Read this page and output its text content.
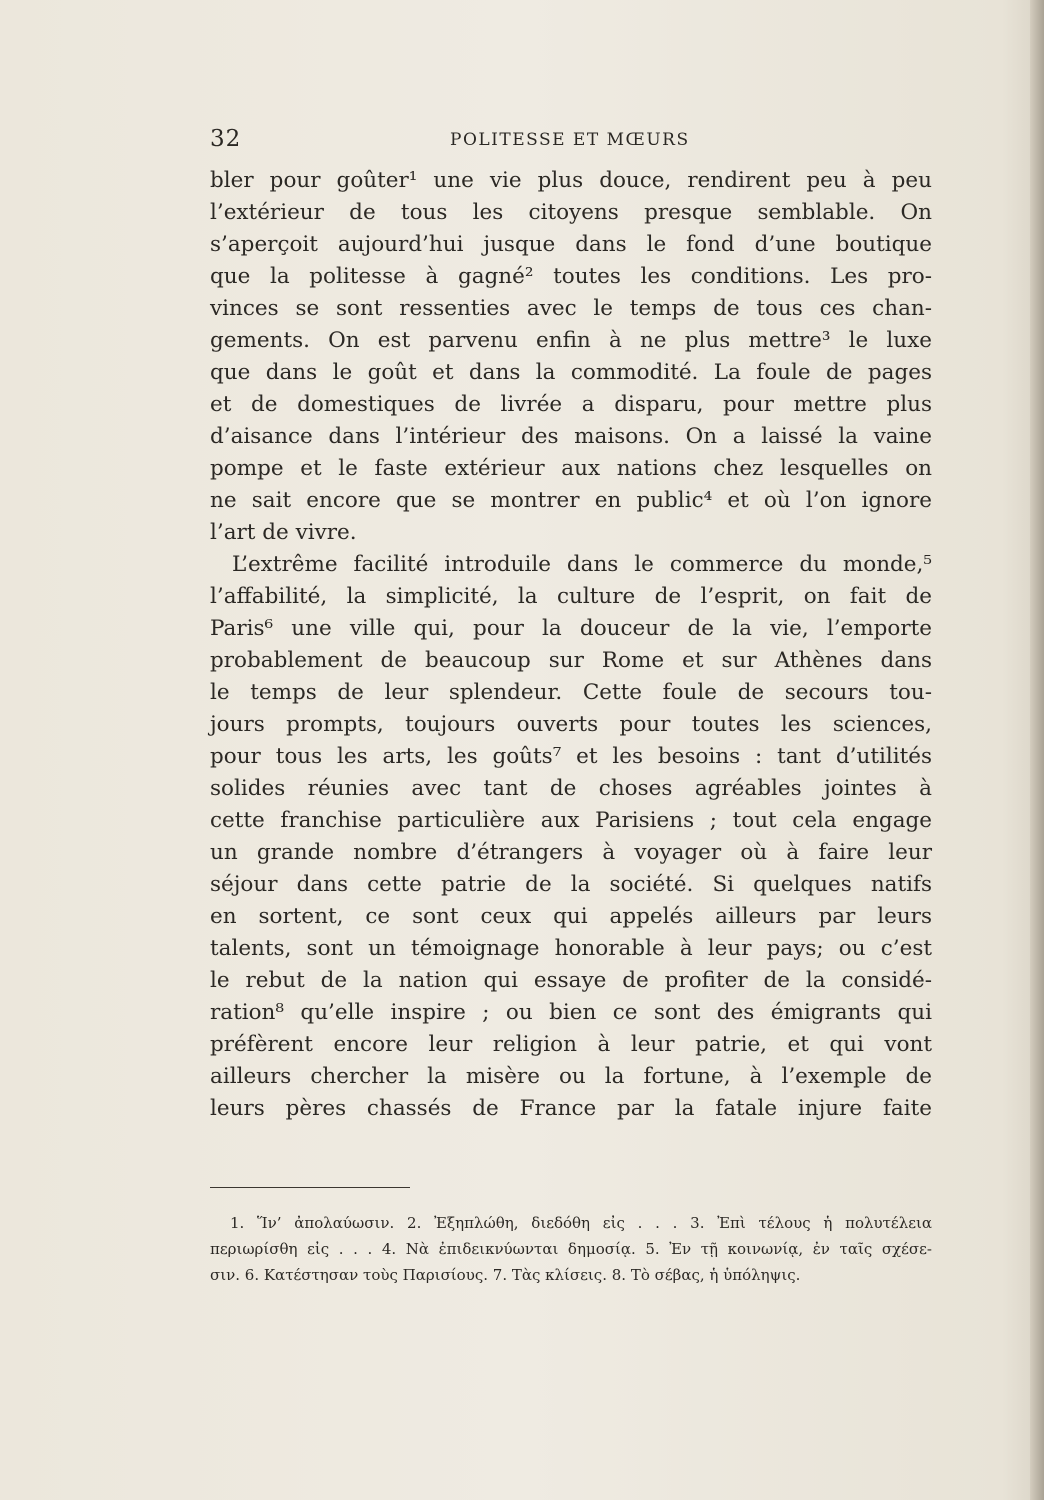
32	POLITESSE ET MŒURS
bler pour goûter¹ une vie plus douce, rendirent peu à peu
l’extérieur de tous les citoyens presque semblable. On
s’aperçoit aujourd’hui jusque dans le fond d’une boutique
que la politesse à gagné² toutes les conditions. Les pro-
vinces se sont ressenties avec le temps de tous ces chan-
gements. On est parvenu enfin à ne plus mettre³ le luxe
que dans le goût et dans la commodité. La foule de pages
et de domestiques de livrée a disparu, pour mettre plus
d’aisance dans l’intérieur des maisons. On a laissé la vaine
pompe et le faste extérieur aux nations chez lesquelles on
ne sait encore que se montrer en public⁴ et où l’on ignore
l’art de vivre.
L’extrême facilité introduile dans le commerce du monde,⁵
l’affabilité, la simplicité, la culture de l’esprit, on fait de
Paris⁶ une ville qui, pour la douceur de la vie, l’emporte
probablement de beaucoup sur Rome et sur Athènes dans
le temps de leur splendeur. Cette foule de secours tou-
jours prompts, toujours ouverts pour toutes les sciences,
pour tous les arts, les goûts⁷ et les besoins : tant d’utilités
solides réunies avec tant de choses agréables jointes à
cette franchise particulière aux Parisiens ; tout cela engage
un grande nombre d’étrangers à voyager où à faire leur
séjour dans cette patrie de la société. Si quelques natifs
en sortent, ce sont ceux qui appelés ailleurs par leurs
talents, sont un témoignage honorable à leur pays; ou c’est
le rebut de la nation qui essaye de profiter de la considé-
ration⁸ qu’elle inspire ; ou bien ce sont des émigrants qui
préfèrent encore leur religion à leur patrie, et qui vont
ailleurs chercher la misère ou la fortune, à l’exemple de
leurs pères chassés de France par la fatale injure faite
1. Ἵν’ ἀπολαύωσιν. 2. Ἐξηπλώθη, διεδόθη εἰς . . . 3. Ἐπὶ τέλους ἡ πολυτέλεια
περιωρίσθη εἰς . . . 4. Νὰ ἐπιδεικνύωνται δημοσίᾳ. 5. Ἐν τῇ κοινωνίᾳ, ἐν ταῖς σχέσε-
σιν. 6. Κατέστησαν τοὺς Παρισίους. 7. Τὰς κλίσεις. 8. Τὸ σέβας, ἡ ὑπόληψις.
